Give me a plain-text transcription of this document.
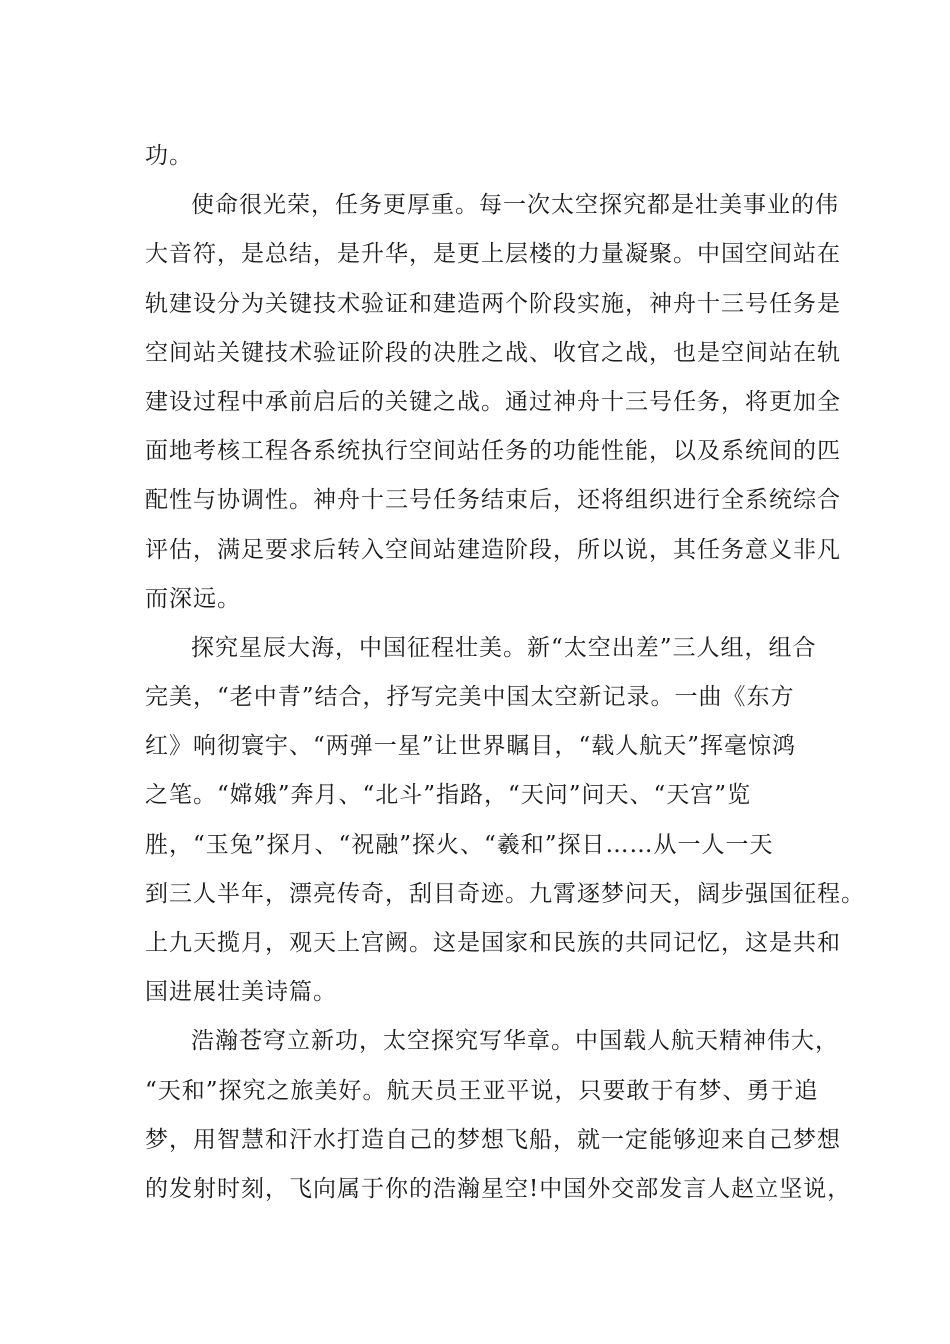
功。
使命很光荣，任务更厚重。每一次太空探究都是壮美事业的伟
大音符，是总结，是升华，是更上层楼的力量凝聚。中国空间站在
轨建设分为关键技术验证和建造两个阶段实施，神舟十三号任务是
空间站关键技术验证阶段的决胜之战、收官之战，也是空间站在轨
建设过程中承前启后的关键之战。通过神舟十三号任务，将更加全
面地考核工程各系统执行空间站任务的功能性能，以及系统间的匹
配性与协调性。神舟十三号任务结束后，还将组织进行全系统综合
评估，满足要求后转入空间站建造阶段，所以说，其任务意义非凡
而深远。
探究星辰大海，中国征程壮美。新“太空出差”三人组，组合
完美，“老中青”结合，抒写完美中国太空新记录。一曲《东方
红》响彻寰宇、“两弹一星”让世界瞩目，“载人航天”挥毫惊鸿
之笔。“嫦娥”奔月、“北斗”指路，“天问”问天、“天宫”览
胜，“玉兔”探月、“祝融”探火、“羲和”探日……从一人一天
到三人半年，漂亮传奇，刮目奇迹。九霄逐梦问天，阔步强国征程。
上九天揽月，观天上宫阙。这是国家和民族的共同记忆，这是共和
国进展壮美诗篇。
浩瀚苍穹立新功，太空探究写华章。中国载人航天精神伟大，
“天和”探究之旅美好。航天员王亚平说，只要敢于有梦、勇于追
梦，用智慧和汗水打造自己的梦想飞船，就一定能够迎来自己梦想
的发射时刻，飞向属于你的浩瀚星空!中国外交部发言人赵立坚说，
